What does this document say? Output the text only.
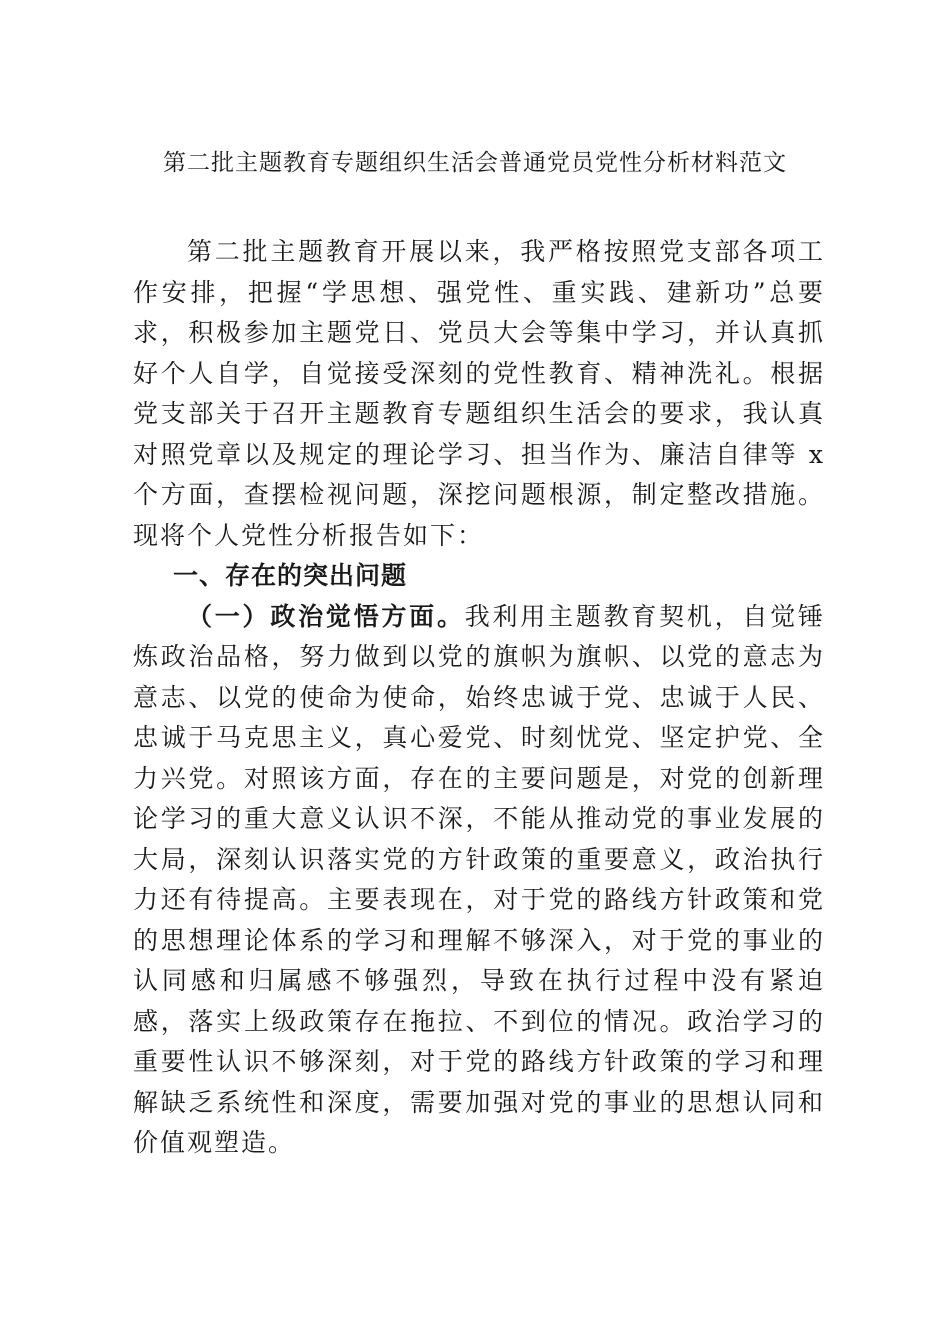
第二批主题教育专题组织生活会普通党员党性分析材料范文

第二批主题教育开展以来，我严格按照党支部各项工作安排，把握“学思想、强党性、重实践、建新功”总要求，积极参加主题党日、党员大会等集中学习，并认真抓好个人自学，自觉接受深刻的党性教育、精神洗礼。根据党支部关于召开主题教育专题组织生活会的要求，我认真对照党章以及规定的理论学习、担当作为、廉洁自律等 x 个方面，查摆检视问题，深挖问题根源，制定整改措施。现将个人党性分析报告如下：

一、存在的突出问题

（一）政治觉悟方面。我利用主题教育契机，自觉锤炼政治品格，努力做到以党的旗帜为旗帜、以党的意志为意志、以党的使命为使命，始终忠诚于党、忠诚于人民、忠诚于马克思主义，真心爱党、时刻忧党、坚定护党、全力兴党。对照该方面，存在的主要问题是，对党的创新理论学习的重大意义认识不深，不能从推动党的事业发展的大局，深刻认识落实党的方针政策的重要意义，政治执行力还有待提高。主要表现在，对于党的路线方针政策和党的思想理论体系的学习和理解不够深入，对于党的事业的认同感和归属感不够强烈，导致在执行过程中没有紧迫感，落实上级政策存在拖拉、不到位的情况。政治学习的重要性认识不够深刻，对于党的路线方针政策的学习和理解缺乏系统性和深度，需要加强对党的事业的思想认同和价值观塑造。
